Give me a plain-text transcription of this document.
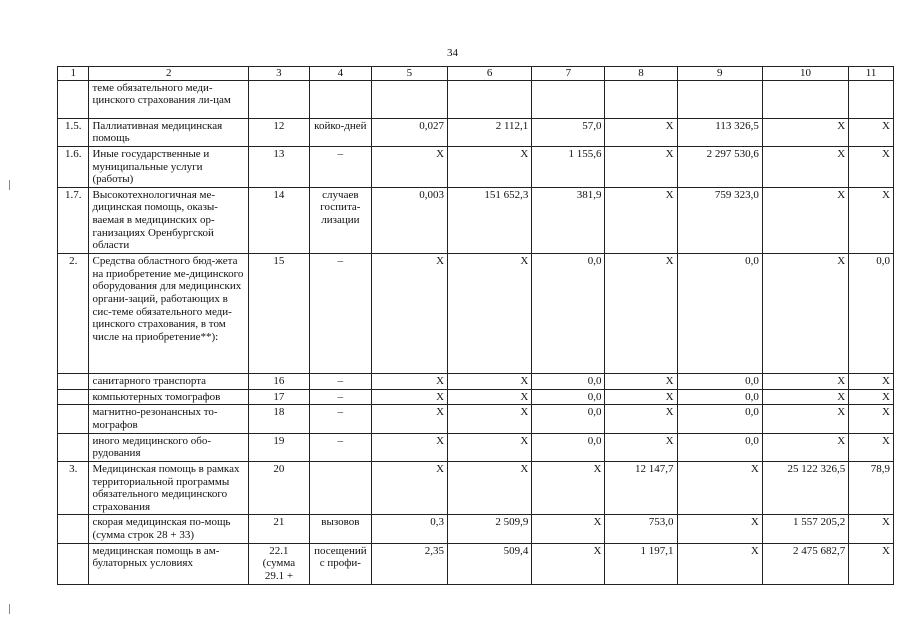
34
1	2	3	4	5	6	7	8	9	10	11
	теме обязательного меди-цинского страхования ли-цам									
1.5.	Паллиативная медицинская помощь	12	койко-дней	0,027	2 112,1	57,0	X	113 326,5	X	X
1.6.	Иные государственные и муниципальные услуги (работы)	13	–	X	X	1 155,6	X	2 297 530,6	X	X
1.7.	Высокотехнологичная ме-дицинская помощь, оказы-ваемая в медицинских ор-ганизациях Оренбургской области	14	случаев госпита-лизации	0,003	151 652,3	381,9	X	759 323,0	X	X
2.	Средства областного бюд-жета на приобретение ме-дицинского оборудования для медицинских органи-заций, работающих в сис-теме обязательного меди-цинского страхования, в том числе на приобретение**):	15	–	X	X	0,0	X	0,0	X	0,0
	санитарного транспорта	16	–	X	X	0,0	X	0,0	X	X
	компьютерных томографов	17	–	X	X	0,0	X	0,0	X	X
	магнитно-резонансных то-мографов	18	–	X	X	0,0	X	0,0	X	X
	иного медицинского обо-рудования	19	–	X	X	0,0	X	0,0	X	X
3.	Медицинская помощь в рамках территориальной программы обязательного медицинского страхования	20		X	X	X	12 147,7	X	25 122 326,5	78,9
	скорая медицинская по-мощь (сумма строк 28 + 33)	21	вызовов	0,3	2 509,9	X	753,0	X	1 557 205,2	X
	медицинская помощь в ам-булаторных условиях	22.1 (сумма 29.1 +	посещений с профи-	2,35	509,4	X	1 197,1	X	2 475 682,7	X
